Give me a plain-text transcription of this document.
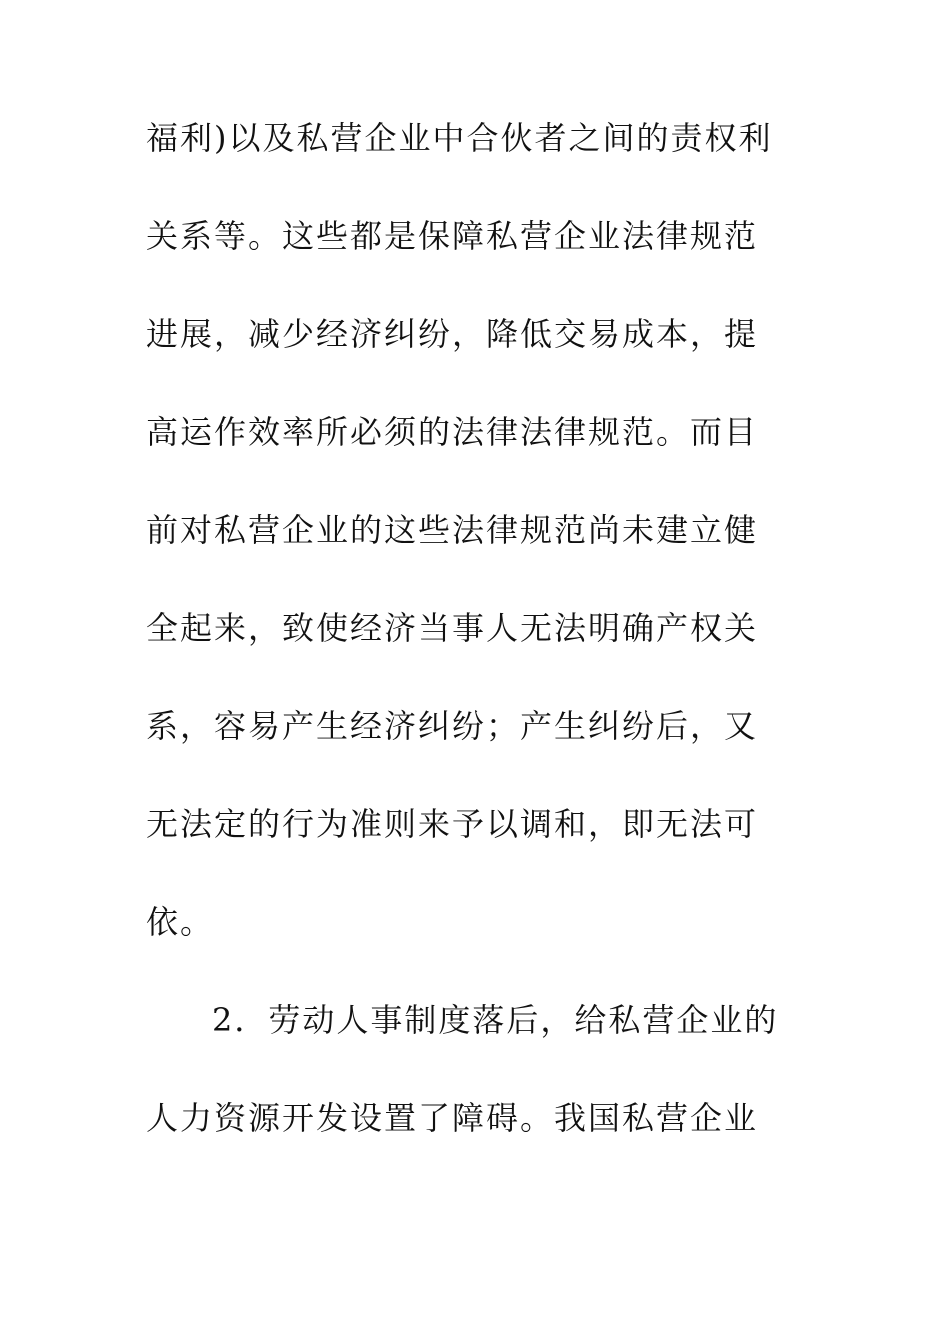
福利)以及私营企业中合伙者之间的责权利
关系等。这些都是保障私营企业法律规范
进展，减少经济纠纷，降低交易成本，提
高运作效率所必须的法律法律规范。而目
前对私营企业的这些法律规范尚未建立健
全起来，致使经济当事人无法明确产权关
系，容易产生经济纠纷；产生纠纷后，又
无法定的行为准则来予以调和，即无法可
依。
2．劳动人事制度落后，给私营企业的
人力资源开发设置了障碍。我国私营企业
